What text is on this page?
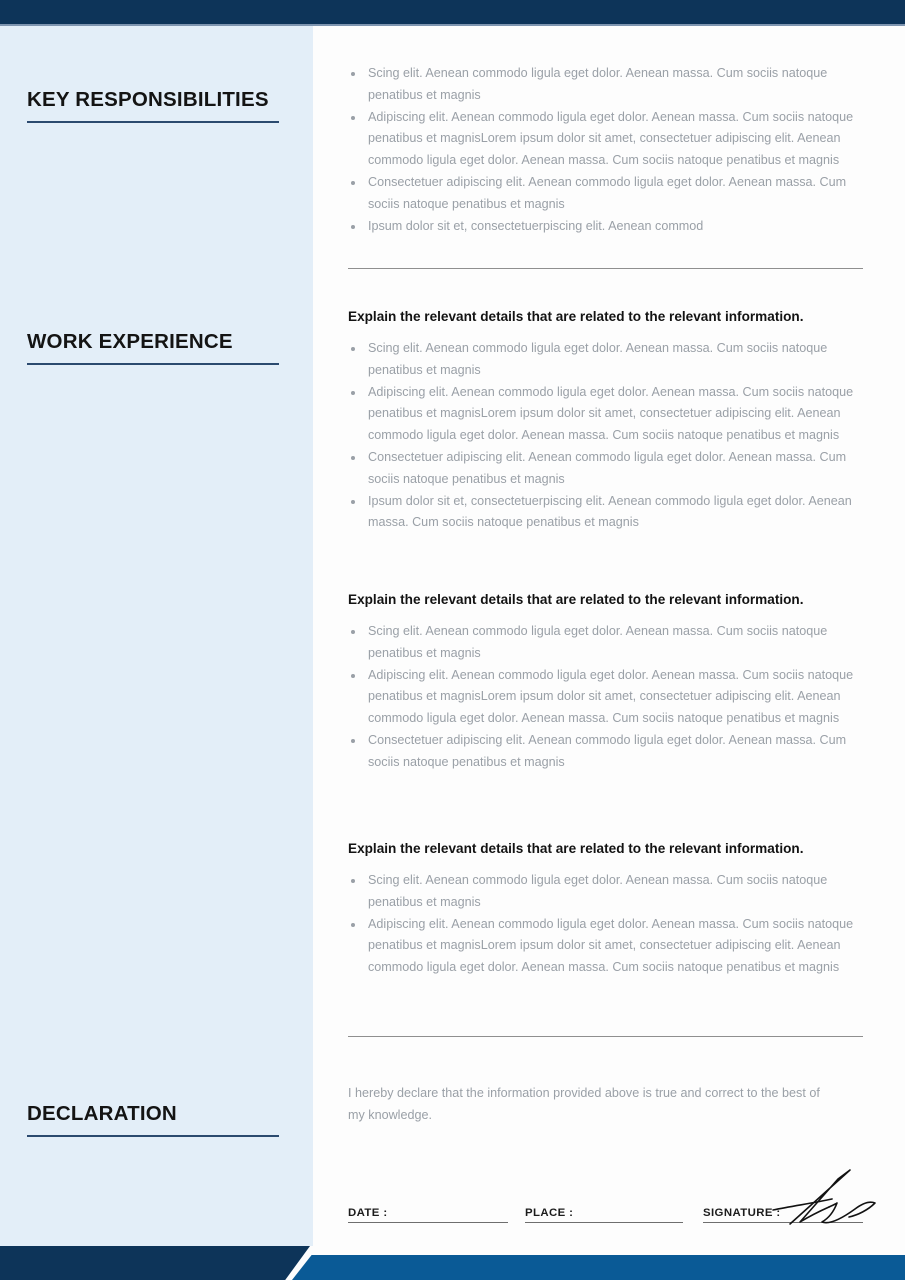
KEY RESPONSIBILITIES
WORK EXPERIENCE
DECLARATION
• Scing elit. Aenean commodo ligula eget dolor. Aenean massa. Cum sociis natoque penatibus et magnis
• Adipiscing elit. Aenean commodo ligula eget dolor. Aenean massa. Cum sociis natoque penatibus et magnisLorem ipsum dolor sit amet, consectetuer adipiscing elit. Aenean commodo ligula eget dolor. Aenean massa. Cum sociis natoque penatibus et magnis
• Consectetuer adipiscing elit. Aenean commodo ligula eget dolor. Aenean massa. Cum sociis natoque penatibus et magnis
• Ipsum dolor sit et, consectetuerpiscing elit. Aenean commod

Explain the relevant details that are related to the relevant information.

• Scing elit. Aenean commodo ligula eget dolor. Aenean massa. Cum sociis natoque penatibus et magnis
• Adipiscing elit. Aenean commodo ligula eget dolor. Aenean massa. Cum sociis natoque penatibus et magnisLorem ipsum dolor sit amet, consectetuer adipiscing elit. Aenean commodo ligula eget dolor. Aenean massa. Cum sociis natoque penatibus et magnis
• Consectetuer adipiscing elit. Aenean commodo ligula eget dolor. Aenean massa. Cum sociis natoque penatibus et magnis
• Ipsum dolor sit et, consectetuerpiscing elit. Aenean commodo ligula eget dolor. Aenean massa. Cum sociis natoque penatibus et magnis

Explain the relevant details that are related to the relevant information.

• Scing elit. Aenean commodo ligula eget dolor. Aenean massa. Cum sociis natoque penatibus et magnis
• Adipiscing elit. Aenean commodo ligula eget dolor. Aenean massa. Cum sociis natoque penatibus et magnisLorem ipsum dolor sit amet, consectetuer adipiscing elit. Aenean commodo ligula eget dolor. Aenean massa. Cum sociis natoque penatibus et magnis
• Consectetuer adipiscing elit. Aenean commodo ligula eget dolor. Aenean massa. Cum sociis natoque penatibus et magnis

Explain the relevant details that are related to the relevant information.

• Scing elit. Aenean commodo ligula eget dolor. Aenean massa. Cum sociis natoque penatibus et magnis
• Adipiscing elit. Aenean commodo ligula eget dolor. Aenean massa. Cum sociis natoque penatibus et magnisLorem ipsum dolor sit amet, consectetuer adipiscing elit. Aenean commodo ligula eget dolor. Aenean massa. Cum sociis natoque penatibus et magnis
I hereby declare that the information provided above is true and correct to the best of my knowledge.
DATE :	PLACE :	SIGNATURE :
